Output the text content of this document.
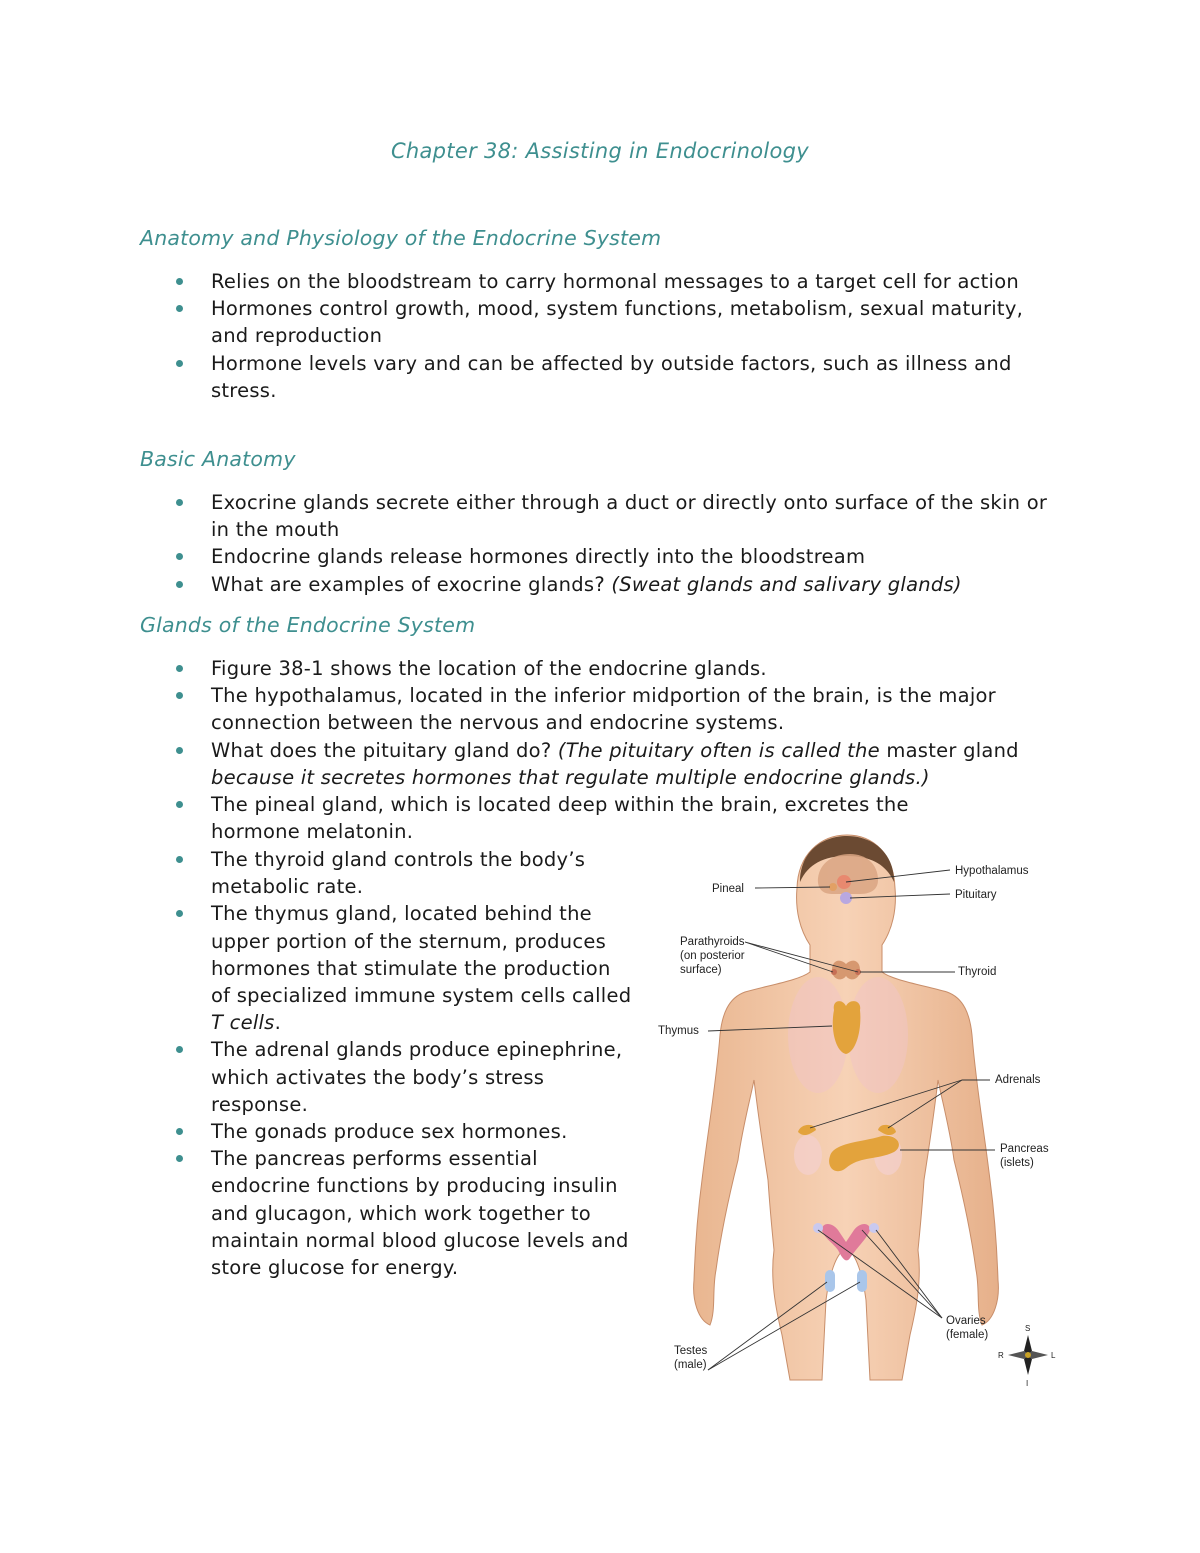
Chapter 38: Assisting in Endocrinology
Anatomy and Physiology of the Endocrine System
Relies on the bloodstream to carry hormonal messages to a target cell for action
Hormones control growth, mood, system functions, metabolism, sexual maturity, and reproduction
Hormone levels vary and can be affected by outside factors, such as illness and stress.
Basic Anatomy
Exocrine glands secrete either through a duct or directly onto surface of the skin or in the mouth
Endocrine glands release hormones directly into the bloodstream
What are examples of exocrine glands? (Sweat glands and salivary glands)
Glands of the Endocrine System
Figure 38-1 shows the location of the endocrine glands.
The hypothalamus, located in the inferior midportion of the brain, is the major connection between the nervous and endocrine systems.
What does the pituitary gland do? (The pituitary often is called the master gland because it secretes hormones that regulate multiple endocrine glands.)
The pineal gland, which is located deep within the brain, excretes the hormone melatonin.
The thyroid gland controls the body’s metabolic rate.
The thymus gland, located behind the upper portion of the sternum, produces hormones that stimulate the production of specialized immune system cells called T cells.
The adrenal glands produce epinephrine, which activates the body’s stress response.
The gonads produce sex hormones.
The pancreas performs essential endocrine functions by producing insulin and glucagon, which work together to maintain normal blood glucose levels and store glucose for energy.
Pineal
Hypothalamus
Pituitary
Parathyroids
(on posterior
surface)	Thyroid
Thymus
Adrenals
Pancreas
(islets)
Ovaries
(female)
Testes
(male)
S
I
R	L
